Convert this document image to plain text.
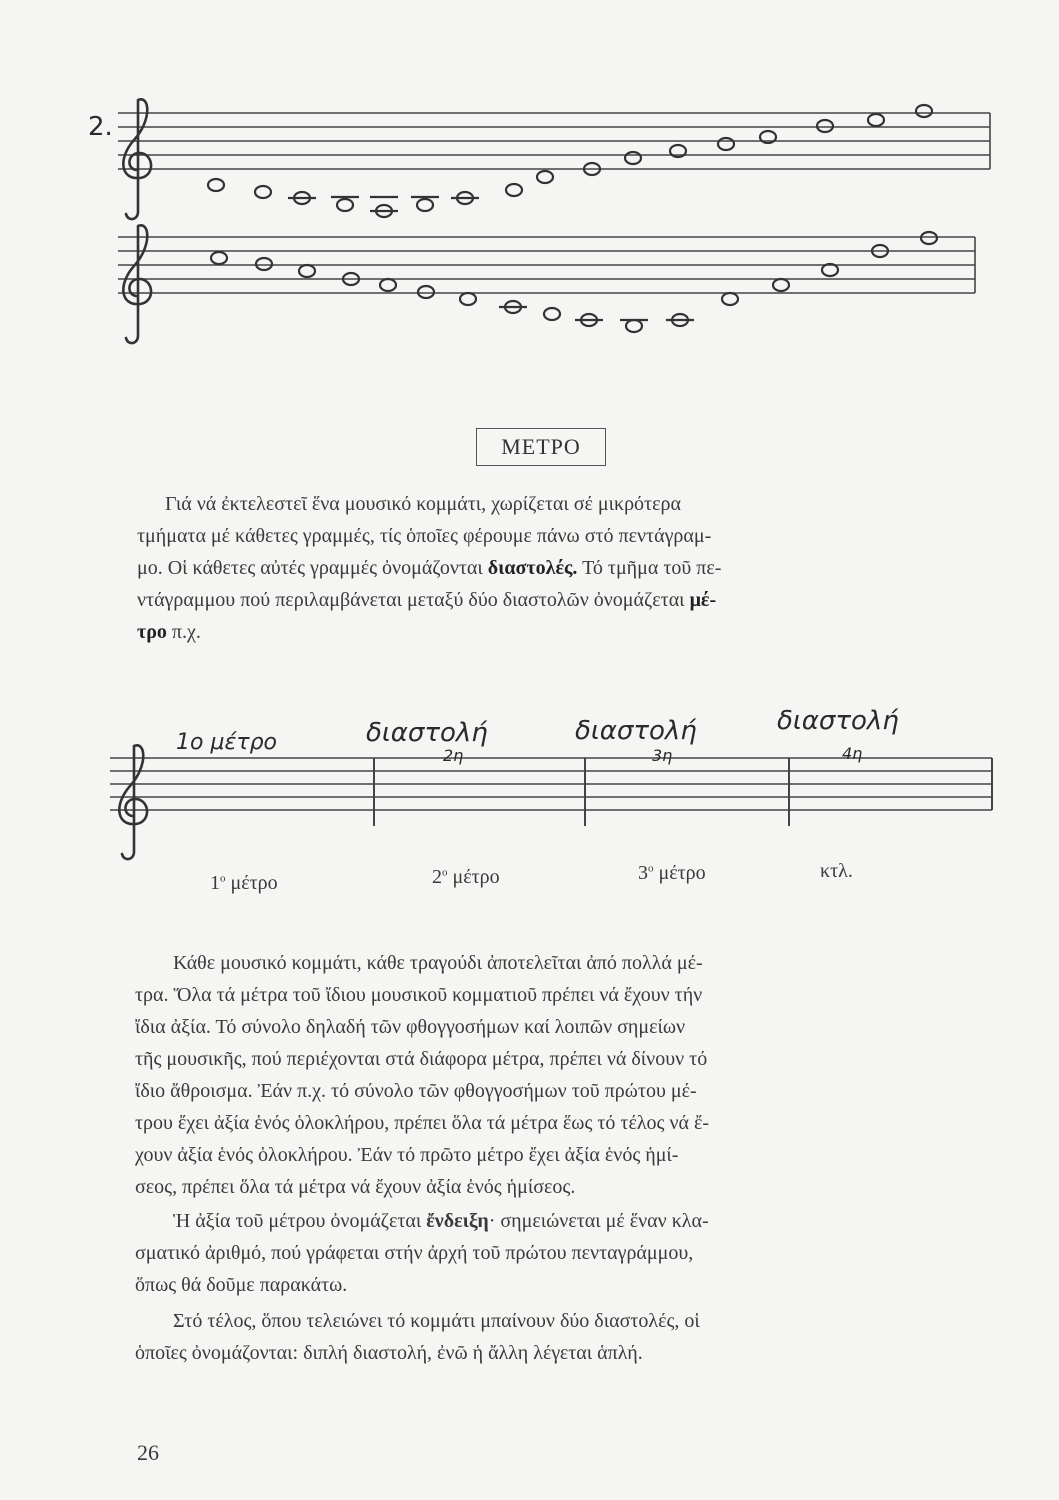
2.
ΜΕΤΡΟ
Γιά νά ἐκτελεστεῖ ἕνα μουσικό κομμάτι, χωρίζεται σέ μικρότερα
τμήματα μέ κάθετες γραμμές, τίς ὁποῖες φέρουμε πάνω στό πεντάγραμ-
μο. Οἱ κάθετες αὐτές γραμμές ὀνομάζονται διαστολές. Τό τμῆμα τοῦ πε-
ντάγραμμου πού περιλαμβάνεται μεταξύ δύο διαστολῶν ὀνομάζεται μέ-
τρο π.χ.
1ο μέτρο	διαστολή
2η
διαστολή
3η
διαστολή
4η
$1^o$ μέτρο	$2^o$ μέτρο	$3^o$ μέτρο	κτλ.
Κάθε μουσικό κομμάτι, κάθε τραγούδι ἀποτελεῖται ἀπό πολλά μέ-
τρα. Ὅλα τά μέτρα τοῦ ἴδιου μουσικοῦ κομματιοῦ πρέπει νά ἔχουν τήν
ἴδια ἀξία. Τό σύνολο δηλαδή τῶν φθογγοσήμων καί λοιπῶν σημείων
τῆς μουσικῆς, πού περιέχονται στά διάφορα μέτρα, πρέπει νά δίνουν τό
ἴδιο ἄθροισμα. Ἐάν π.χ. τό σύνολο τῶν φθογγοσήμων τοῦ πρώτου μέ-
τρου ἔχει ἀξία ἑνός ὁλοκλήρου, πρέπει ὅλα τά μέτρα ἕως τό τέλος νά ἔ-
χουν ἀξία ἑνός ὁλοκλήρου. Ἐάν τό πρῶτο μέτρο ἔχει ἀξία ἑνός ἡμί-
σεος, πρέπει ὅλα τά μέτρα νά ἔχουν ἀξία ἑνός ἡμίσεος.
Ἡ ἀξία τοῦ μέτρου ὀνομάζεται ἔνδειξη· σημειώνεται μέ ἕναν κλα-
σματικό ἀριθμό, πού γράφεται στήν ἀρχή τοῦ πρώτου πενταγράμμου,
ὅπως θά δοῦμε παρακάτω.
Στό τέλος, ὅπου τελειώνει τό κομμάτι μπαίνουν δύο διαστολές, οἱ
ὁποῖες ὀνομάζονται: διπλή διαστολή, ἐνῶ ἡ ἄλλη λέγεται ἁπλή.
26
